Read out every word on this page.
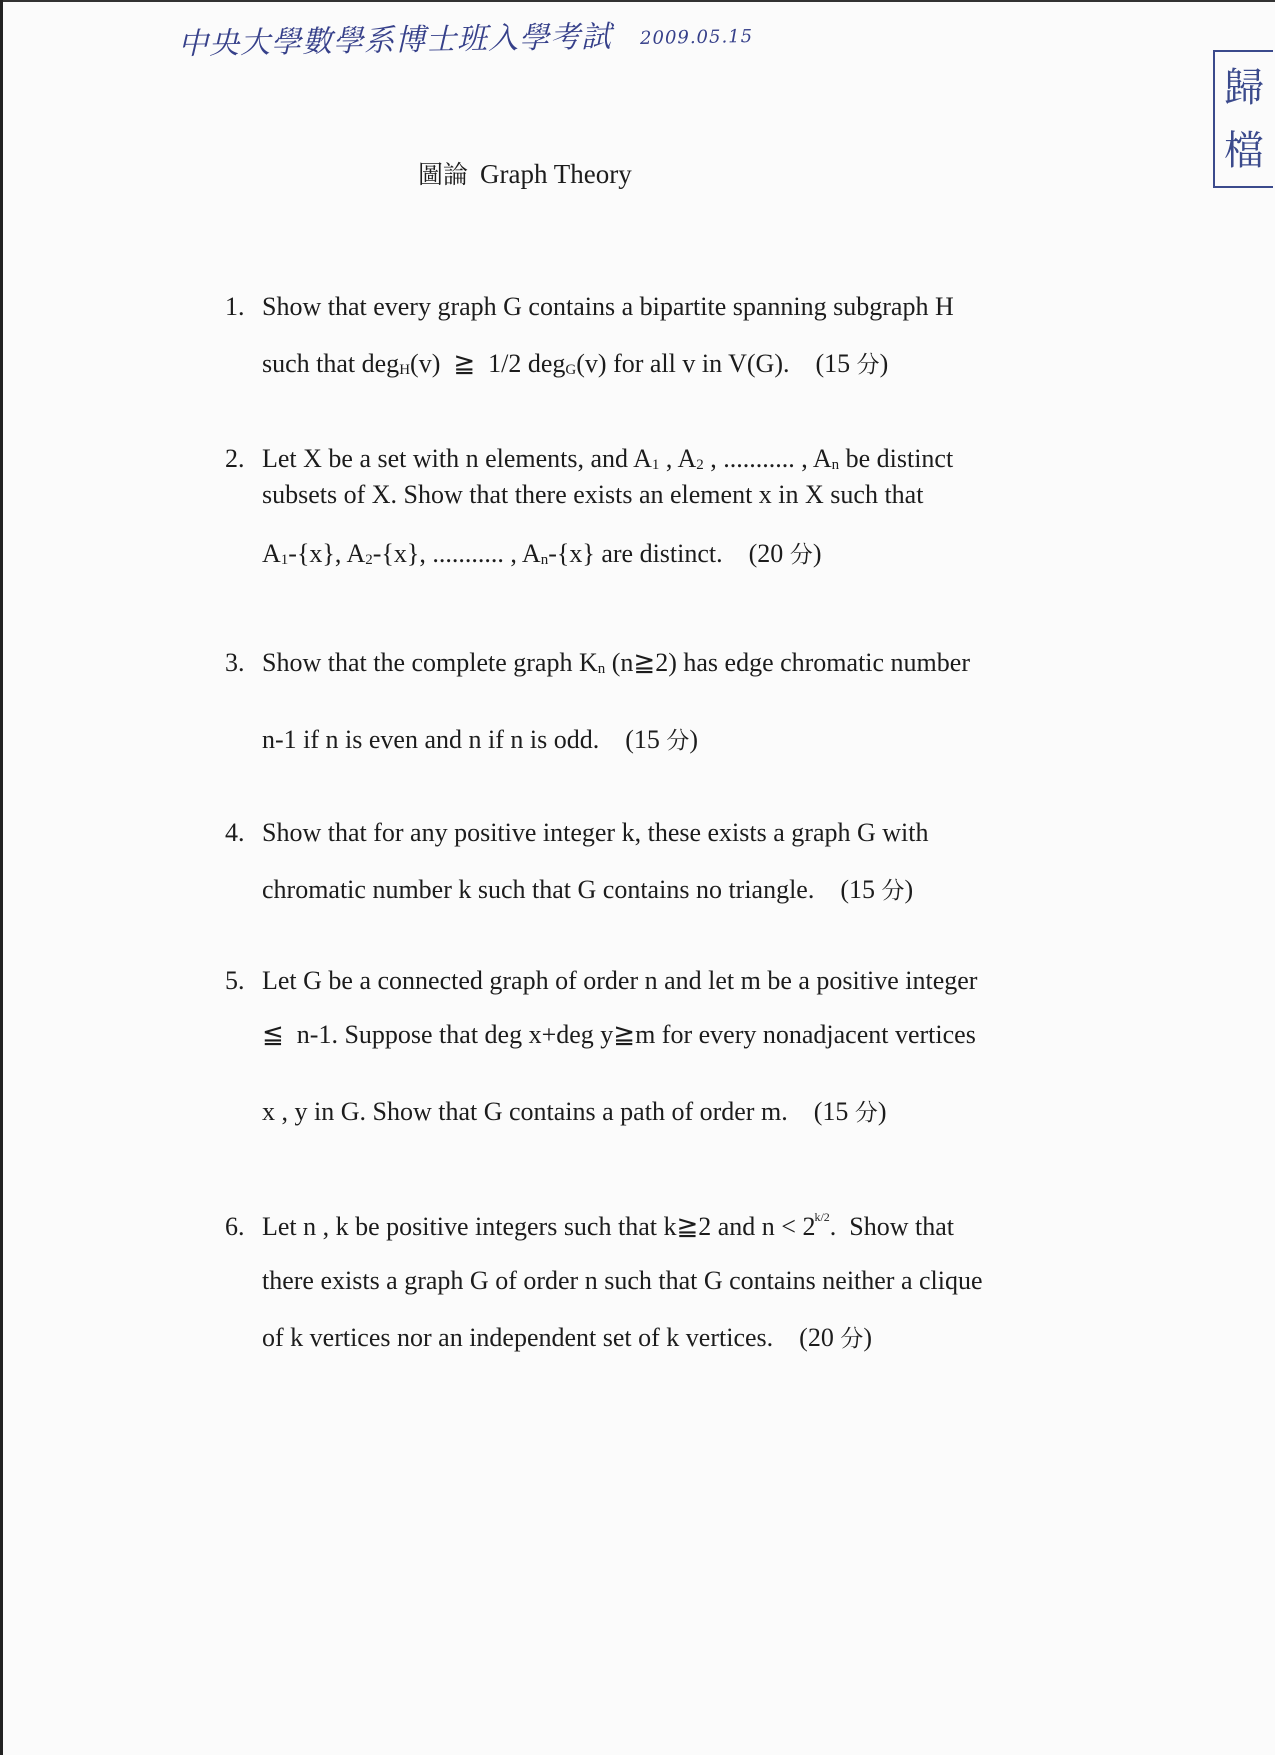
中央大學數學系博士班入學考試 2009.05.15
歸
檔
圖論 Graph Theory
1. Show that every graph G contains a bipartite spanning subgraph H
such that degH(v)  ≧  1/2 degG(v) for all v in V(G). (15 分)
2. Let X be a set with n elements, and A1 , A2 , ........... , An be distinct
subsets of X. Show that there exists an element x in X such that
A1-{x}, A2-{x}, ........... , An-{x} are distinct. (20 分)
3. Show that the complete graph Kn (n≧2) has edge chromatic number
n-1 if n is even and n if n is odd. (15 分)
4. Show that for any positive integer k, these exists a graph G with
chromatic number k such that G contains no triangle. (15 分)
5. Let G be a connected graph of order n and let m be a positive integer
≦  n-1. Suppose that deg x+deg y≧m for every nonadjacent vertices
x , y in G. Show that G contains a path of order m. (15 分)
6. Let n , k be positive integers such that k≧2 and $n < 2^{k/2}$.  Show that
there exists a graph G of order n such that G contains neither a clique
of k vertices nor an independent set of k vertices. (20 分)
